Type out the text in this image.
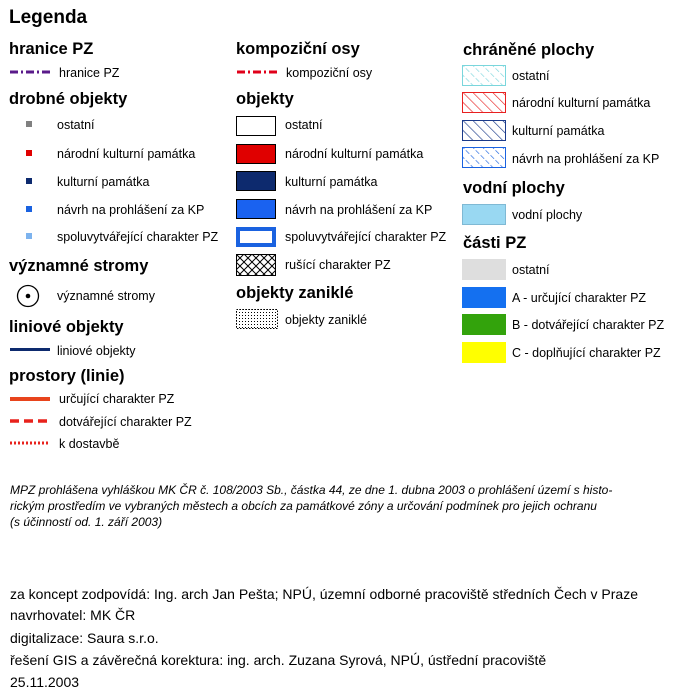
Legenda
hranice PZ
hranice PZ
drobné objekty
ostatní
národní kulturní památka
kulturní památka
návrh na prohlášení za KP
spoluvytvářející charakter PZ
významné stromy
významné stromy
liniové objekty
liniové objekty
prostory (linie)
určující charakter PZ
dotvářející charakter PZ
k dostavbě
kompoziční osy
kompoziční osy
objekty
ostatní
národní kulturní památka
kulturní památka
návrh na prohlášení za KP
spoluvytvářející charakter PZ
rušící charakter PZ
objekty zaniklé
objekty zaniklé
chráněné plochy
ostatní
národní kulturní památka
kulturní památka
návrh na prohlášení za KP
vodní plochy
vodní plochy
části PZ
ostatní
A - určující charakter PZ
B - dotvářející charakter PZ
C - doplňující charakter PZ
MPZ prohlášena vyhláškou MK ČR č. 108/2003 Sb., částka 44, ze dne 1. dubna 2003 o prohlášení území s histo-
rickým prostředím ve vybraných městech a obcích za památkové zóny a určování podmínek pro jejich ochranu
(s účinností od. 1. září 2003)
za koncept zodpovídá: Ing. arch Jan Pešta; NPÚ, územní odborné pracoviště středních Čech v Praze
navrhovatel: MK ČR
digitalizace: Saura s.r.o.
řešení GIS a závěrečná korektura: ing. arch. Zuzana Syrová, NPÚ, ústřední pracoviště
25.11.2003
